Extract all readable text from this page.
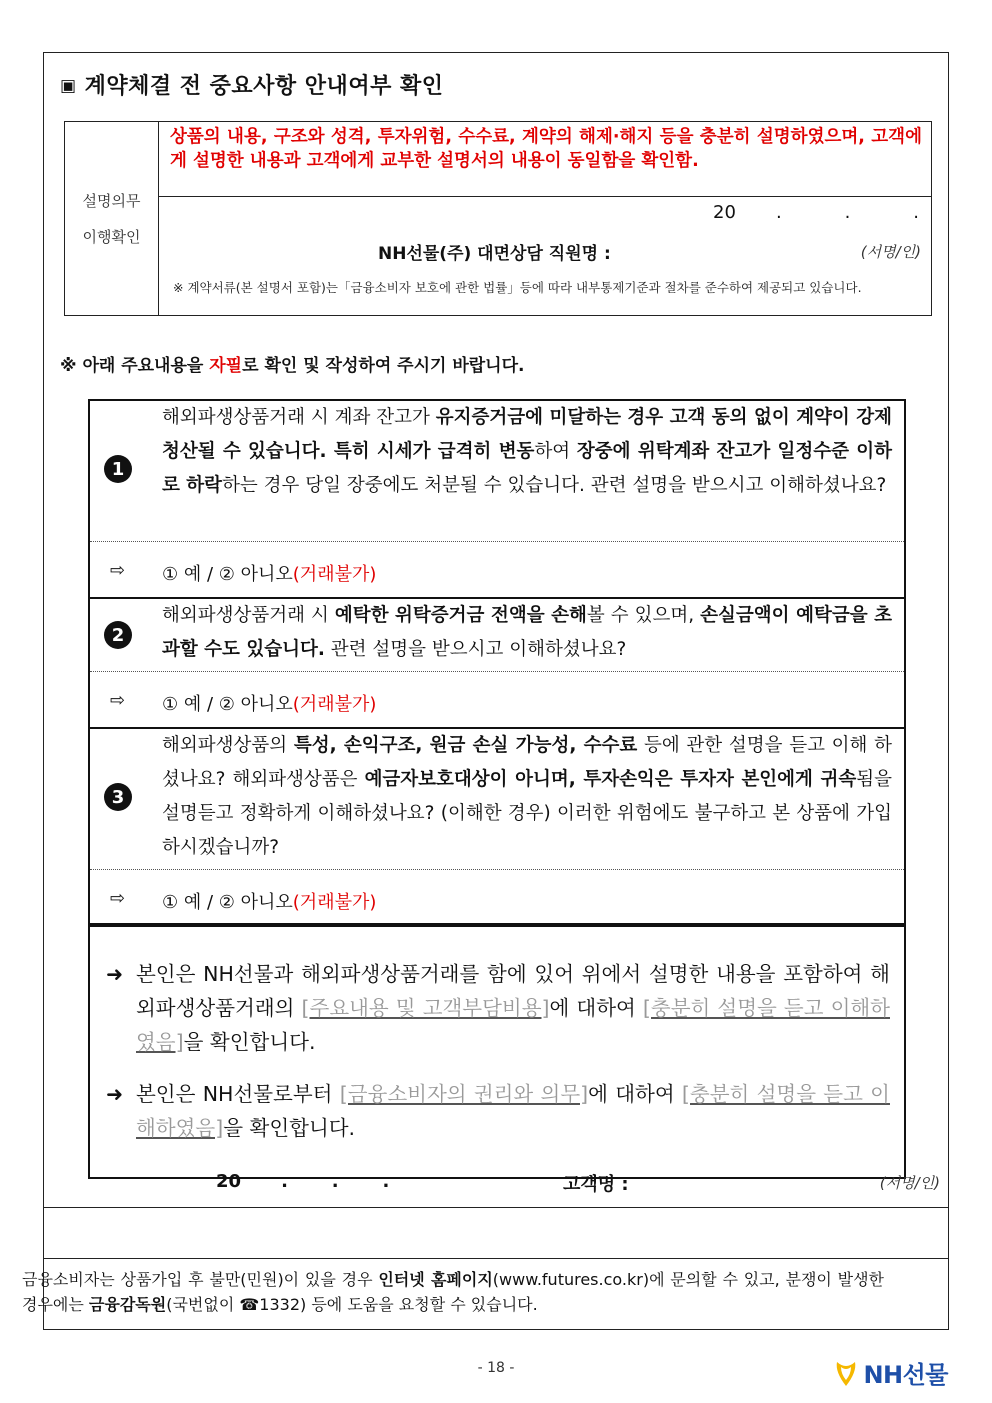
▣ 계약체결 전 중요사항 안내여부 확인
설명의무
이행확인
상품의 내용, 구조와 성격, 투자위험, 수수료, 계약의 해제·해지 등을 충분히 설명하였으며, 고객에게 설명한 내용과 고객에게 교부한 설명서의 내용이 동일함을 확인함.
20 .           .           .
NH선물(주) 대면상담 직원명 :	(서명/인)
※ 계약서류(본 설명서 포함)는「금융소비자 보호에 관한 법률」등에 따라 내부통제기준과 절차를 준수하여 제공되고 있습니다.
※ 아래 주요내용을 자필로 확인 및 작성하여 주시기 바랍니다.
1
해외파생상품거래 시 계좌 잔고가 유지증거금에 미달하는 경우 고객 동의 없이 계약이 강제 청산될 수 있습니다. 특히 시세가 급격히 변동하여 장중에 위탁계좌 잔고가 일정수준 이하로 하락하는 경우 당일 장중에도 처분될 수 있습니다. 관련 설명을 받으시고 이해하셨나요?
⇨ ① 예 / ② 아니오(거래불가)
2
해외파생상품거래 시 예탁한 위탁증거금 전액을 손해볼 수 있으며, 손실금액이 예탁금을 초과할 수도 있습니다. 관련 설명을 받으시고 이해하셨나요?
⇨ ① 예 / ② 아니오(거래불가)
3
해외파생상품의 특성, 손익구조, 원금 손실 가능성, 수수료 등에 관한 설명을 듣고 이해 하셨나요? 해외파생상품은 예금자보호대상이 아니며, 투자손익은 투자자 본인에게 귀속됨을 설명듣고 정확하게 이해하셨나요? (이해한 경우) 이러한 위험에도 불구하고 본 상품에 가입하시겠습니까?
⇨ ① 예 / ② 아니오(거래불가)
➜ 본인은 NH선물과 해외파생상품거래를 함에 있어 위에서 설명한 내용을 포함하여 해외파생상품거래의 [주요내용 및 고객부담비용]에 대하여 [충분히 설명을 듣고 이해하였음]을 확인합니다.
➜ 본인은 NH선물로부터 [금융소비자의 권리와 의무]에 대하여 [충분히 설명을 듣고 이해하였음]을 확인합니다.
20 .       .       .	고객명 :	(서명/인)
금융소비자는 상품가입 후 불만(민원)이 있을 경우 인터넷 홈페이지(www.futures.co.kr)에 문의할 수 있고, 분쟁이 발생한 경우에는 금융감독원(국번없이 ☎1332) 등에 도움을 요청할 수 있습니다.
- 18 -	NH선물
